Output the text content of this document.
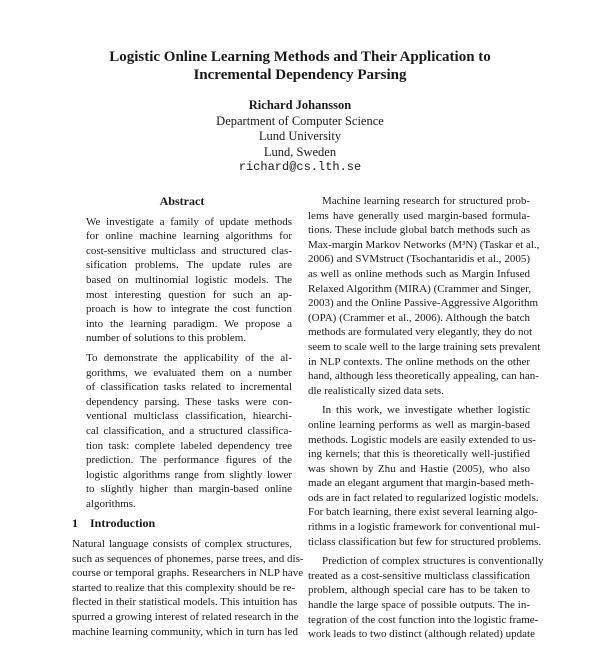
Logistic Online Learning Methods and Their Application to
Incremental Dependency Parsing
Richard Johansson
Department of Computer Science
Lund University
Lund, Sweden
richard@cs.lth.se
Abstract
We investigate a family of update methods
for online machine learning algorithms for
cost-sensitive multiclass and structured clas-
sification problems. The update rules are
based on multinomial logistic models. The
most interesting question for such an ap-
proach is how to integrate the cost function
into the learning paradigm. We propose a
number of solutions to this problem.
To demonstrate the applicability of the al-
gorithms, we evaluated them on a number
of classification tasks related to incremental
dependency parsing. These tasks were con-
ventional multiclass classification, hiearchi-
cal classification, and a structured classifica-
tion task: complete labeled dependency tree
prediction. The performance figures of the
logistic algorithms range from slightly lower
to slightly higher than margin-based online
algorithms.
1 Introduction
Natural language consists of complex structures,
such as sequences of phonemes, parse trees, and dis-
course or temporal graphs. Researchers in NLP have
started to realize that this complexity should be re-
flected in their statistical models. This intuition has
spurred a growing interest of related research in the
machine learning community, which in turn has led
Machine learning research for structured prob-
lems have generally used margin-based formula-
tions. These include global batch methods such as
Max-margin Markov Networks (M³N) (Taskar et al.,
2006) and SVMstruct (Tsochantaridis et al., 2005)
as well as online methods such as Margin Infused
Relaxed Algorithm (MIRA) (Crammer and Singer,
2003) and the Online Passive-Aggressive Algorithm
(OPA) (Crammer et al., 2006). Although the batch
methods are formulated very elegantly, they do not
seem to scale well to the large training sets prevalent
in NLP contexts. The online methods on the other
hand, although less theoretically appealing, can han-
dle realistically sized data sets.
In this work, we investigate whether logistic
online learning performs as well as margin-based
methods. Logistic models are easily extended to us-
ing kernels; that this is theoretically well-justified
was shown by Zhu and Hastie (2005), who also
made an elegant argument that margin-based meth-
ods are in fact related to regularized logistic models.
For batch learning, there exist several learning algo-
rithms in a logistic framework for conventional mul-
ticlass classification but few for structured problems.
Prediction of complex structures is conventionally
treated as a cost-sensitive multiclass classification
problem, although special care has to be taken to
handle the large space of possible outputs. The in-
tegration of the cost function into the logistic frame-
work leads to two distinct (although related) update
